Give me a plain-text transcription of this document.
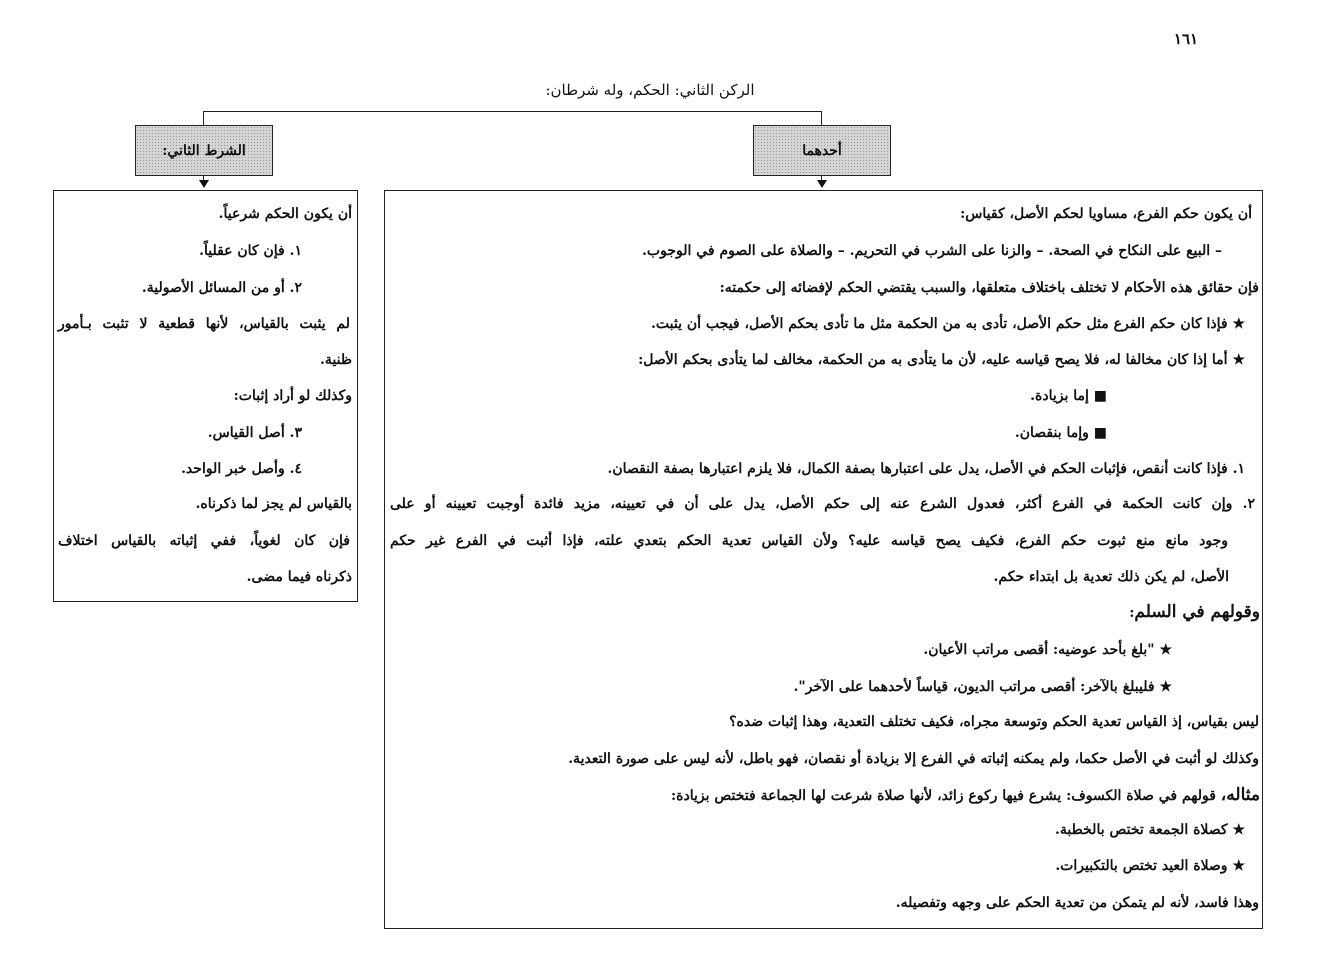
١٦١
الركن الثاني: الحكم، وله شرطان:
الشرط الثاني:	أحدهما
أن يكون الحكم شرعياً.
١. فإن كان عقلياً.
٢. أو من المسائل الأصولية.
لم يثبت بالقياس، لأنها قطعية لا تثبت بـأمور
ظنية.
وكذلك لو أراد إثبات:
٣. أصل القياس.
٤. وأصل خبر الواحد.
بالقياس لم يجز لما ذكرناه.
فإن كان لغوياً، ففي إثباته بالقياس اختلاف
ذكرناه فيما مضى.
أن يكون حكم الفرع، مساويا لحكم الأصل، كقياس:
– البيع على النكاح في الصحة. – والزنا على الشرب في التحريم. – والصلاة على الصوم في الوجوب.
فإن حقائق هذه الأحكام لا تختلف باختلاف متعلقها، والسبب يقتضي الحكم لإفضائه إلى حكمته:
★ فإذا كان حكم الفرع مثل حكم الأصل، تأدى به من الحكمة مثل ما تأدى بحكم الأصل، فيجب أن يثبت.
★ أما إذا كان مخالفا له، فلا يصح قياسه عليه، لأن ما يتأدى به من الحكمة، مخالف لما يتأدى بحكم الأصل:
■ إما بزيادة.
■ وإما بنقصان.
١. فإذا كانت أنقص، فإثبات الحكم في الأصل، يدل على اعتبارها بصفة الكمال، فلا يلزم اعتبارها بصفة النقصان.
٢. وإن كانت الحكمة في الفرع أكثر، فعدول الشرع عنه إلى حكم الأصل، يدل على أن في تعيينه، مزيد فائدة أوجبت تعيينه أو على
وجود مانع منع ثبوت حكم الفرع، فكيف يصح قياسه عليه؟ ولأن القياس تعدية الحكم بتعدي علته، فإذا أثبت في الفرع غير حكم
الأصل، لم يكن ذلك تعدية بل ابتداء حكم.
وقولهم في السلم:
★ "بلغ بأحد عوضيه: أقصى مراتب الأعيان.
★ فليبلغ بالآخر: أقصى مراتب الديون، قياساً لأحدهما على الآخر".
ليس بقياس، إذ القياس تعدية الحكم وتوسعة مجراه، فكيف تختلف التعدية، وهذا إثبات ضده؟
وكذلك لو أثبت في الأصل حكما، ولم يمكنه إثباته في الفرع إلا بزيادة أو نقصان، فهو باطل، لأنه ليس على صورة التعدية.
مثاله، قولهم في صلاة الكسوف: يشرع فيها ركوع زائد، لأنها صلاة شرعت لها الجماعة فتختص بزيادة:
★ كصلاة الجمعة تختص بالخطبة.
★ وصلاة العيد تختص بالتكبيرات.
وهذا فاسد، لأنه لم يتمكن من تعدية الحكم على وجهه وتفصيله.
